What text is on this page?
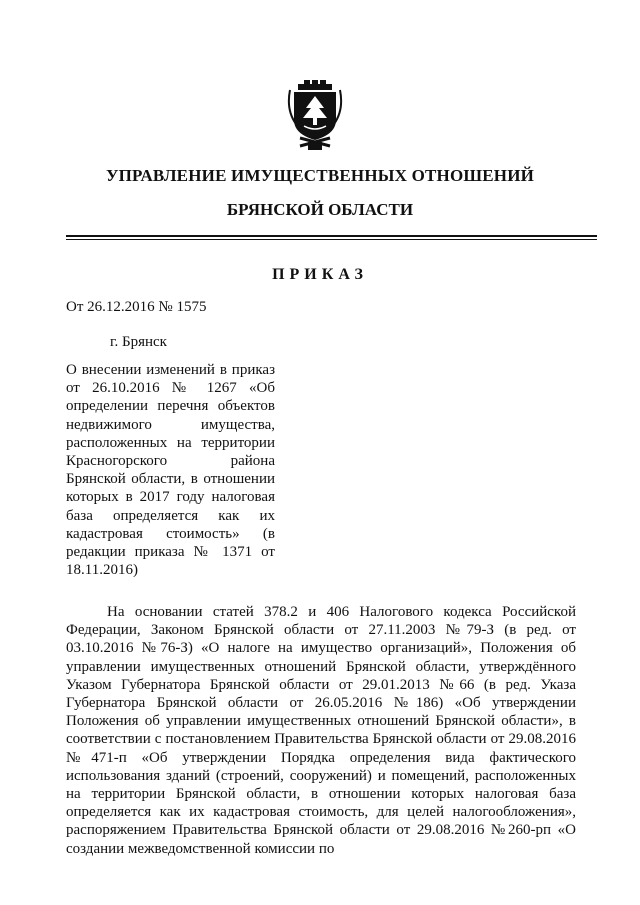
УПРАВЛЕНИЕ ИМУЩЕСТВЕННЫХ ОТНОШЕНИЙ
БРЯНСКОЙ ОБЛАСТИ
ПРИКАЗ
От 26.12.2016 № 1575
г. Брянск
О внесении изменений в приказ от 26.10.2016 № 1267 «Об определении перечня объектов недвижимого имущества, расположенных на территории Красногорского района Брянской области, в отношении которых в 2017 году налоговая база определяется как их кадастровая стоимость» (в редакции приказа № 1371 от 18.11.2016)
На основании статей 378.2 и 406 Налогового кодекса Российской Федерации, Законом Брянской области от 27.11.2003 №79-З (в ред. от 03.10.2016 №76-З) «О налоге на имущество организаций», Положения об управлении имущественных отношений Брянской области, утверждённого Указом Губернатора Брянской области от 29.01.2013 №66 (в ред. Указа Губернатора Брянской области от 26.05.2016 №186) «Об утверждении Положения об управлении имущественных отношений Брянской области», в соответствии с постановлением Правительства Брянской области от 29.08.2016 №471-п «Об утверждении Порядка определения вида фактического использования зданий (строений, сооружений) и помещений, расположенных на территории Брянской области, в отношении которых налоговая база определяется как их кадастровая стоимость, для целей налогообложения», распоряжением Правительства Брянской области от 29.08.2016 №260-рп «О создании межведомственной комиссии по
